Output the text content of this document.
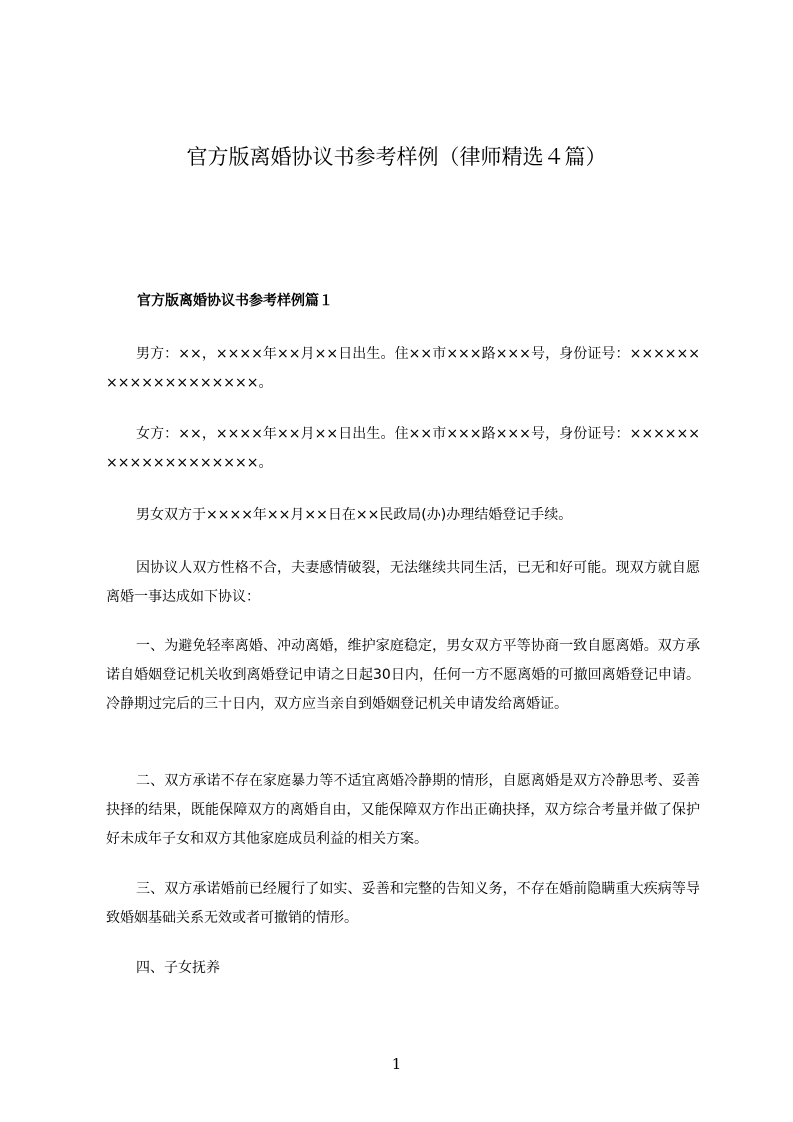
官方版离婚协议书参考样例（律师精选４篇）
官方版离婚协议书参考样例篇１
男方：××，××××年××月××日出生。住××市×××路×××号，身份证号：×××××××××××××××××××。
女方：××，××××年××月××日出生。住××市×××路×××号，身份证号：×××××××××××××××××××。
男女双方于××××年××月××日在××民政局(办)办理结婚登记手续。
因协议人双方性格不合，夫妻感情破裂，无法继续共同生活，已无和好可能。现双方就自愿离婚一事达成如下协议：
一、为避免轻率离婚、冲动离婚，维护家庭稳定，男女双方平等协商一致自愿离婚。双方承诺自婚姻登记机关收到离婚登记申请之日起30日内，任何一方不愿离婚的可撤回离婚登记申请。冷静期过完后的三十日内，双方应当亲自到婚姻登记机关申请发给离婚证。
二、双方承诺不存在家庭暴力等不适宜离婚冷静期的情形，自愿离婚是双方冷静思考、妥善抉择的结果，既能保障双方的离婚自由，又能保障双方作出正确抉择，双方综合考量并做了保护好未成年子女和双方其他家庭成员利益的相关方案。
三、双方承诺婚前已经履行了如实、妥善和完整的告知义务，不存在婚前隐瞒重大疾病等导致婚姻基础关系无效或者可撤销的情形。
四、子女抚养
1
